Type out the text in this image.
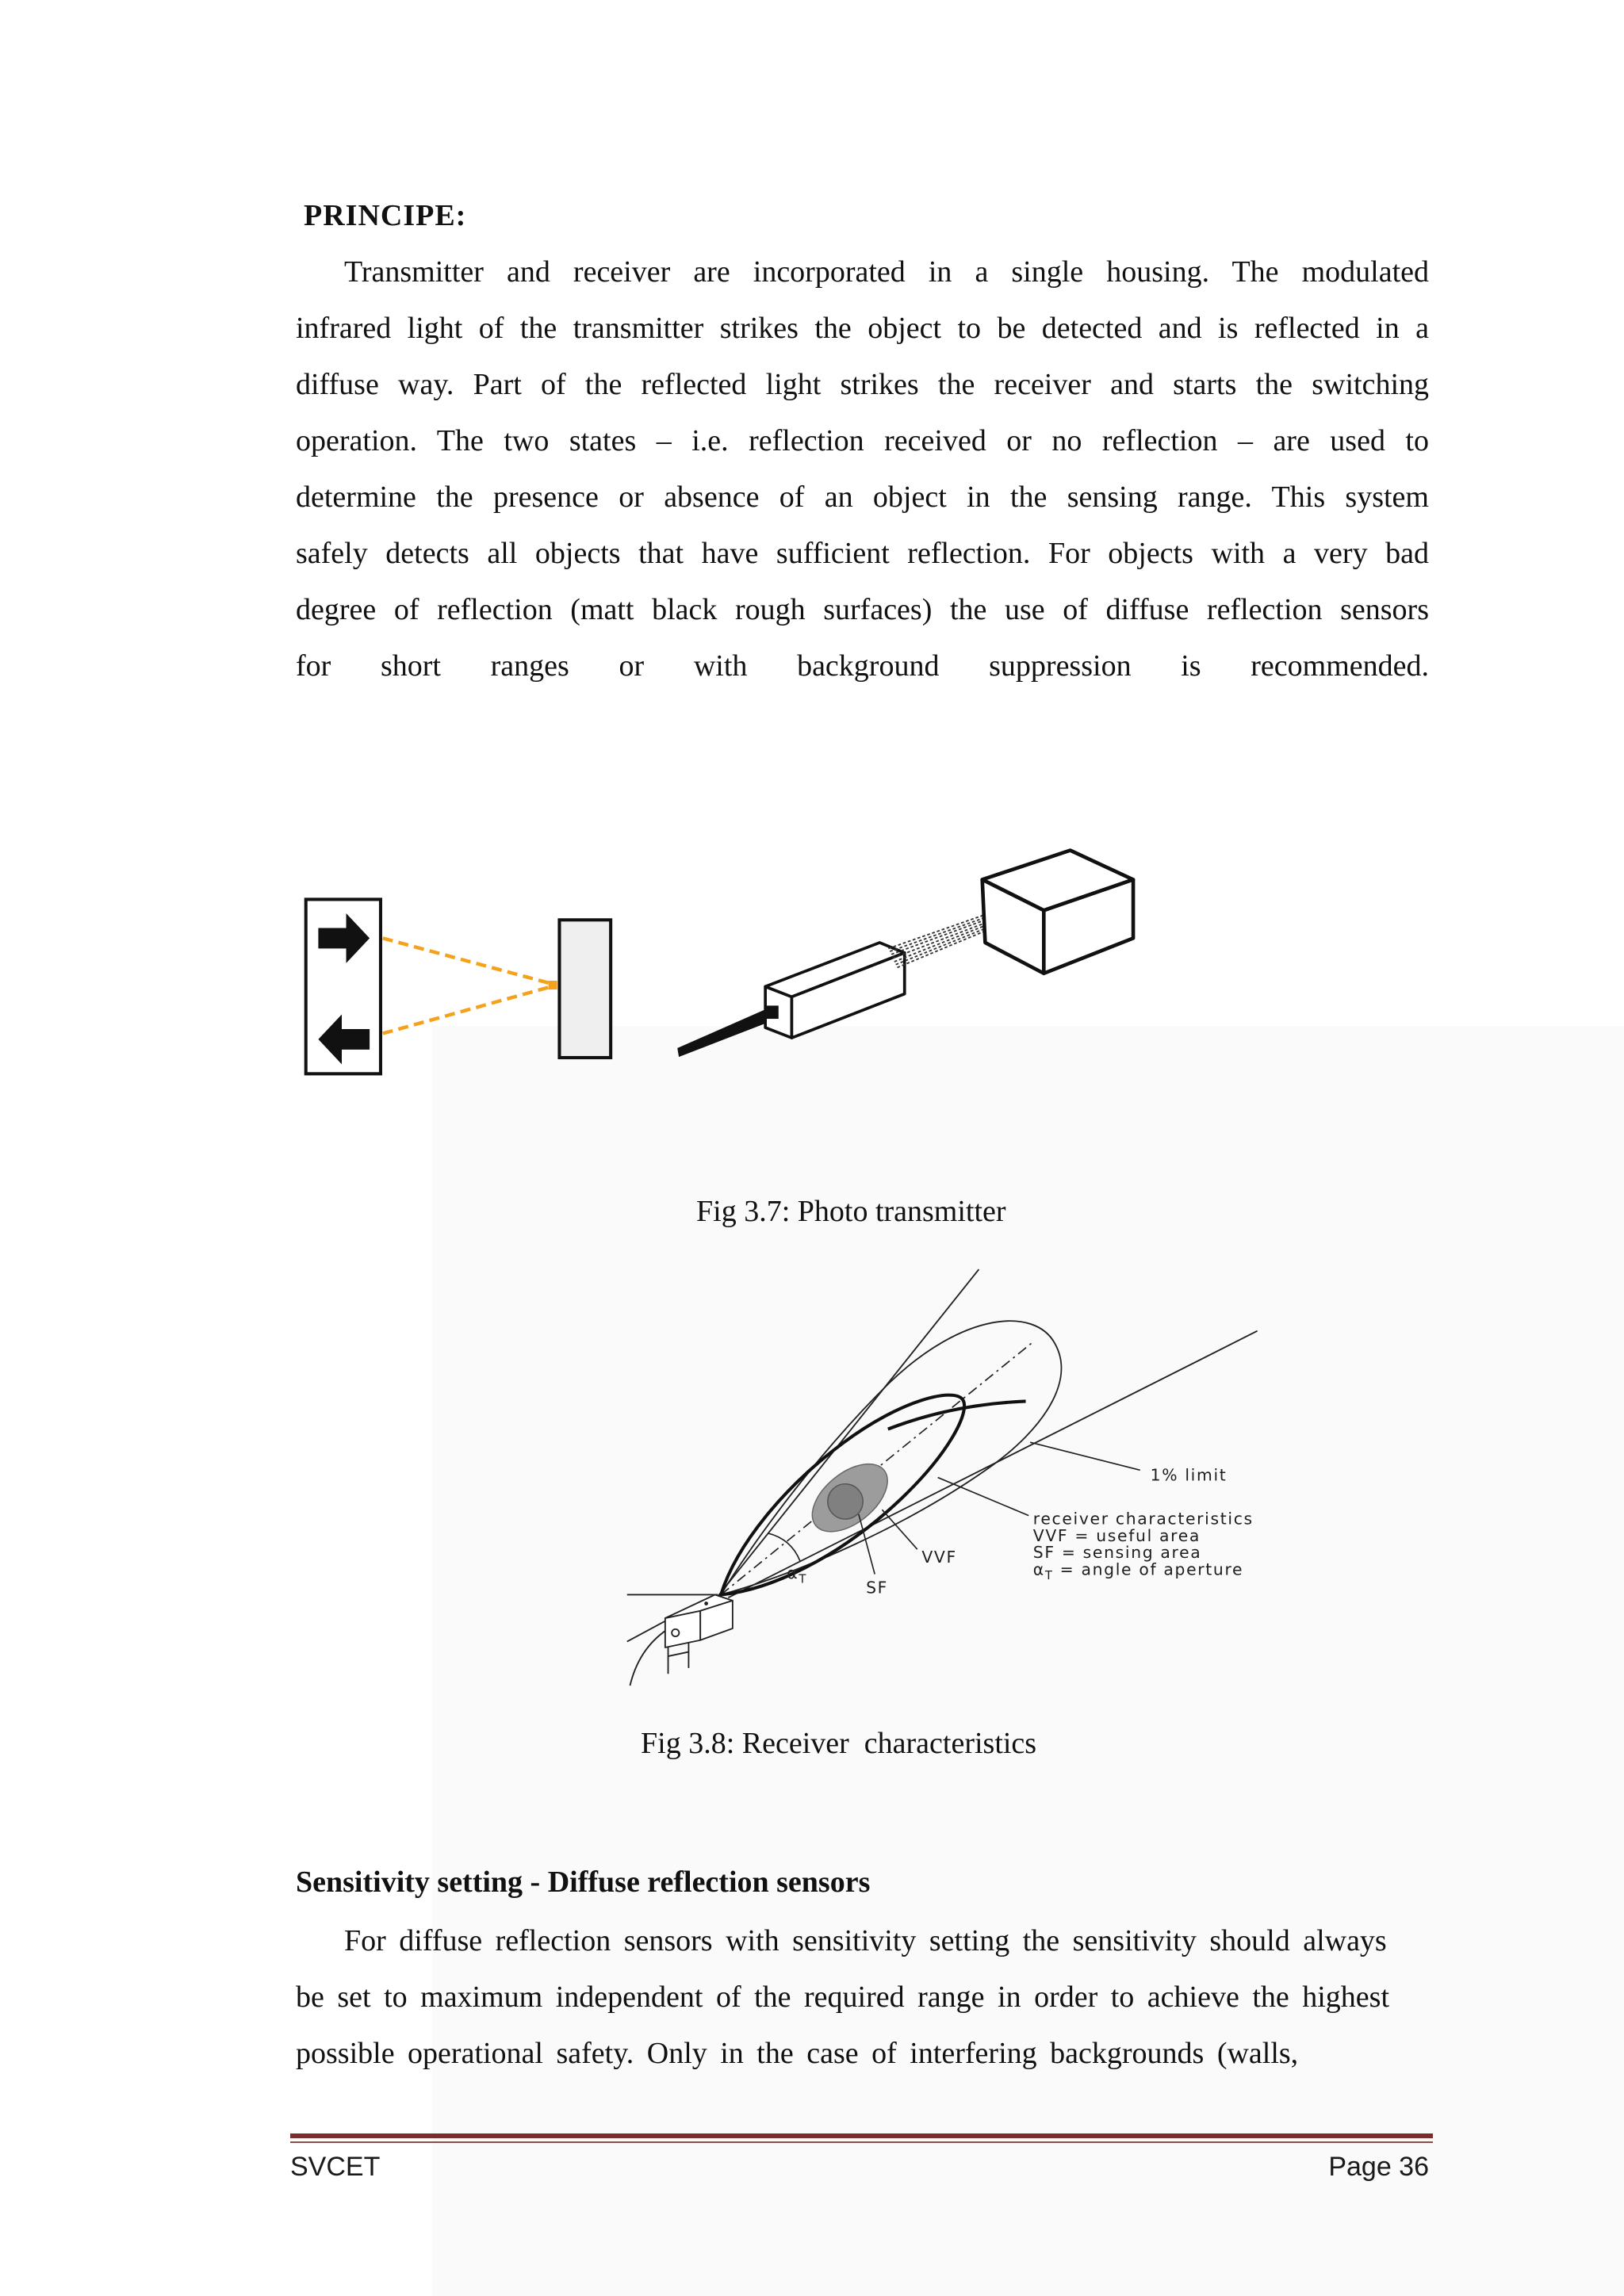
PRINCIPE:
Transmitter and receiver are incorporated in a single housing. The modulated
infrared light of the transmitter strikes the object to be detected and is reflected in a
diffuse way. Part of the reflected light strikes the receiver and starts the switching
operation. The two states – i.e. reflection received or no reflection – are used to
determine the presence or absence of an object in the sensing range. This system
safely detects all objects that have sufficient reflection. For objects with a very bad
degree of reflection (matt black rough surfaces) the use of diffuse reflection sensors
for short ranges or with background suppression is recommended.
Fig 3.7: Photo transmitter
1% limit
VVF
SF
$\alpha_T$
receiver characteristics
VVF = useful area
SF = sensing area
$\alpha_T$ = angle of aperture
Fig 3.8: Receiver  characteristics
Sensitivity setting - Diffuse reflection sensors
For diffuse reflection sensors with sensitivity setting the sensitivity should always
be set to maximum independent of the required range in order to achieve the highest
possible operational safety. Only in the case of interfering backgrounds (walls,
SVCET	Page 36
